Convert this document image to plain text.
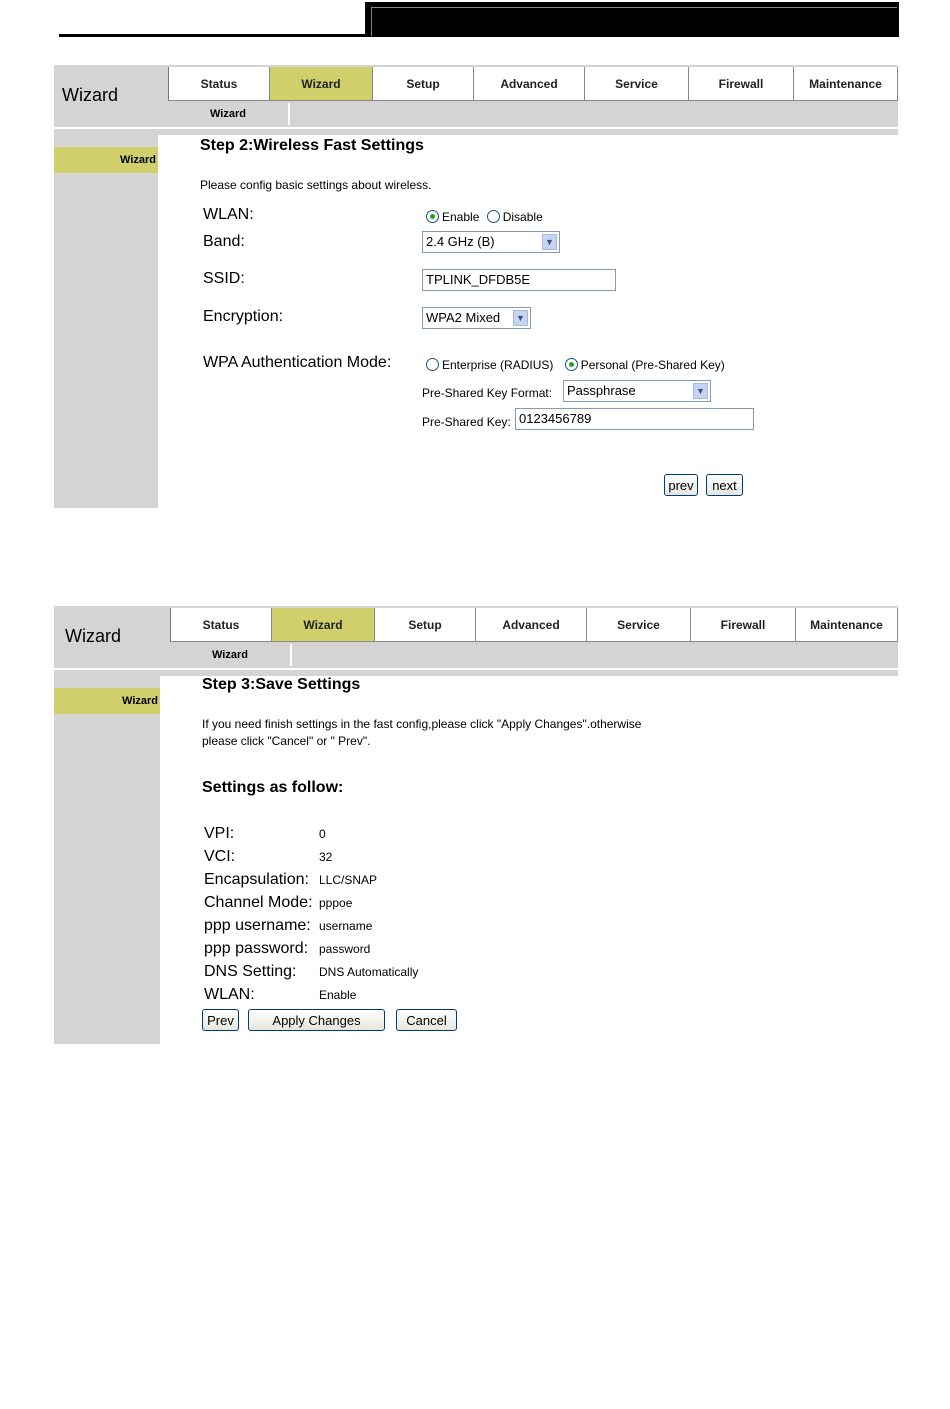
Wizard
Status	Wizard	Setup	Advanced	Service	Firewall	Maintenance
Wizard
Wizard
Step 2:Wireless Fast Settings
Please config basic settings about wireless.
WLAN:	Enable Disable
Band:	2.4 GHz (B)	▼
SSID:	TPLINK_DFDB5E
Encryption:	WPA2 Mixed	▼
WPA Authentication Mode:	Enterprise (RADIUS) Personal (Pre-Shared Key)
Pre-Shared Key Format:	Passphrase	▼
Pre-Shared Key: 0123456789
prev	next
Wizard
Status	Wizard	Setup	Advanced	Service	Firewall	Maintenance
Wizard
Wizard
Step 3:Save Settings
If you need finish settings in the fast config,please click "Apply Changes".otherwise
please click "Cancel" or " Prev".
Settings as follow:
VPI:	0
VCI:	32
Encapsulation: LLC/SNAP
Channel Mode: pppoe
ppp username: username
ppp password: password
DNS Setting: DNS Automatically
WLAN:	Enable
Prev	Apply Changes	Cancel
